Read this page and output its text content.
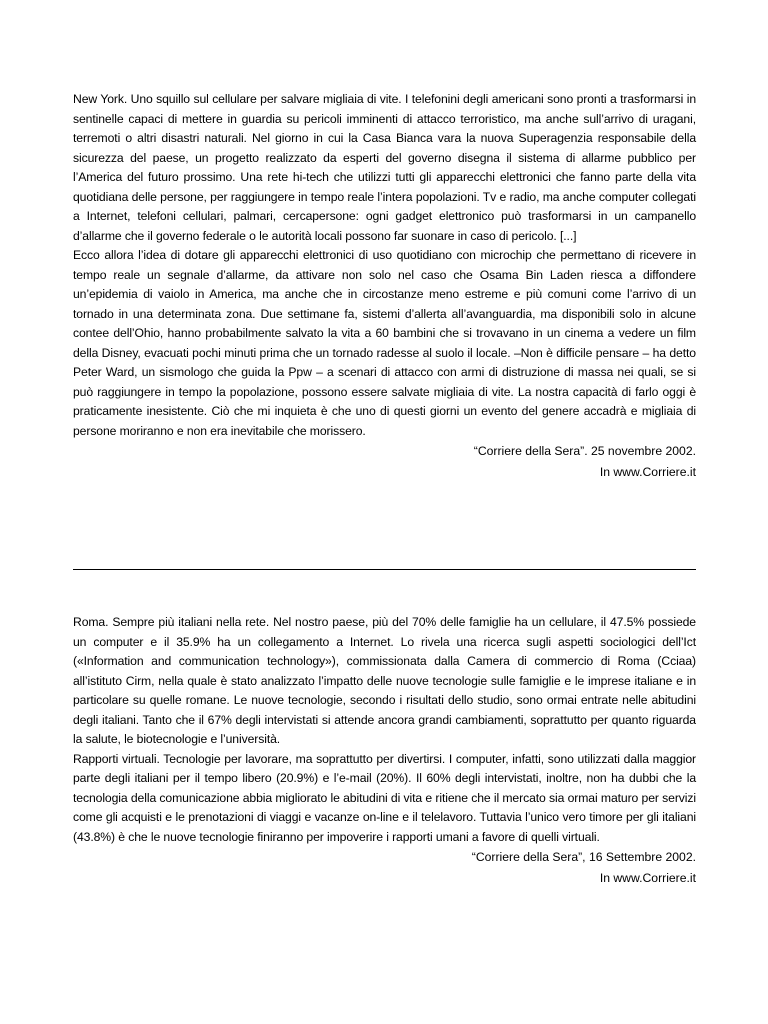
New York. Uno squillo sul cellulare per salvare migliaia di vite. I telefonini degli americani sono pronti a trasformarsi in sentinelle capaci di mettere in guardia su pericoli imminenti di attacco terroristico, ma anche sull’arrivo di uragani, terremoti o altri disastri naturali. Nel giorno in cui la Casa Bianca vara la nuova Superagenzia responsabile della sicurezza del paese, un progetto realizzato da esperti del governo disegna il sistema di allarme pubblico per l’America del futuro prossimo. Una rete hi-tech che utilizzi tutti gli apparecchi elettronici che fanno parte della vita quotidiana delle persone, per raggiungere in tempo reale l’intera popolazioni. Tv e radio, ma anche computer collegati a Internet, telefoni cellulari, palmari, cercapersone: ogni gadget elettronico può trasformarsi in un campanello d’allarme che il governo federale o le autorità locali possono far suonare in caso di pericolo. [...]

Ecco allora l’idea di dotare gli apparecchi elettronici di uso quotidiano con microchip che permettano di ricevere in tempo reale un segnale d’allarme, da attivare non solo nel caso che Osama Bin Laden riesca a diffondere un’epidemia di vaiolo in America, ma anche che in circostanze meno estreme e più comuni come l’arrivo di un tornado in una determinata zona. Due settimane fa, sistemi d’allerta all’avanguardia, ma disponibili solo in alcune contee dell’Ohio, hanno probabilmente salvato la vita a 60 bambini che si trovavano in un cinema a vedere un film della Disney, evacuati pochi minuti prima che un tornado radesse al suolo il locale. –Non è difficile pensare – ha detto Peter Ward, un sismologo che guida la Ppw – a scenari di attacco con armi di distruzione di massa nei quali, se si può raggiungere in tempo la popolazione, possono essere salvate migliaia di vite. La nostra capacità di farlo oggi è praticamente inesistente. Ciò che mi inquieta è che uno di questi giorni un evento del genere accadrà e migliaia di persone moriranno e non era inevitabile che morissero.

“Corriere della Sera”. 25 novembre 2002.

In www.Corriere.it

Roma. Sempre più italiani nella rete. Nel nostro paese, più del 70% delle famiglie ha un cellulare, il 47.5% possiede un computer e il 35.9% ha un collegamento a Internet. Lo rivela una ricerca sugli aspetti sociologici dell’Ict («Information and communication technology»), commissionata dalla Camera di commercio di Roma (Cciaa) all’istituto Cirm, nella quale è stato analizzato l’impatto delle nuove tecnologie sulle famiglie e le imprese italiane e in particolare su quelle romane. Le nuove tecnologie, secondo i risultati dello studio, sono ormai entrate nelle abitudini degli italiani. Tanto che il 67% degli intervistati si attende ancora grandi cambiamenti, soprattutto per quanto riguarda la salute, le biotecnologie e l’università.

Rapporti virtuali. Tecnologie per lavorare, ma soprattutto per divertirsi. I computer, infatti, sono utilizzati dalla maggior parte degli italiani per il tempo libero (20.9%) e l’e-mail (20%). Il 60% degli intervistati, inoltre, non ha dubbi che la tecnologia della comunicazione abbia migliorato le abitudini di vita e ritiene che il mercato sia ormai maturo per servizi come gli acquisti e le prenotazioni di viaggi e vacanze on-line e il telelavoro. Tuttavia l’unico vero timore per gli italiani (43.8%) è che le nuove tecnologie finiranno per impoverire i rapporti umani a favore di quelli virtuali.

“Corriere della Sera”, 16 Settembre 2002.

In www.Corriere.it
